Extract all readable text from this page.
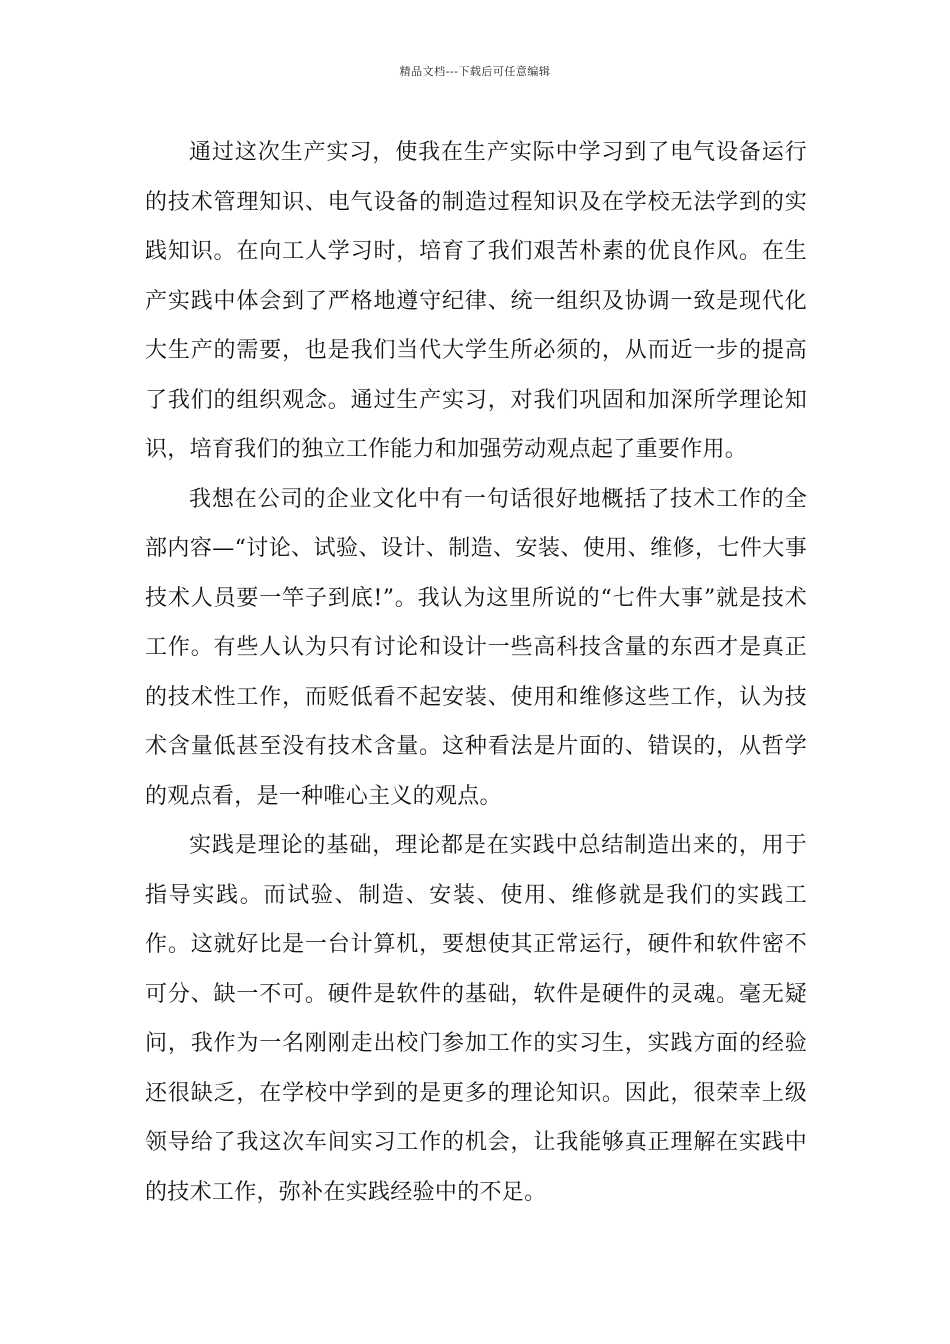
精品文档---下载后可任意编辑

通过这次生产实习，使我在生产实际中学习到了电气设备运行的技术管理知识、电气设备的制造过程知识及在学校无法学到的实践知识。在向工人学习时，培育了我们艰苦朴素的优良作风。在生产实践中体会到了严格地遵守纪律、统一组织及协调一致是现代化大生产的需要，也是我们当代大学生所必须的，从而近一步的提高了我们的组织观念。通过生产实习，对我们巩固和加深所学理论知识，培育我们的独立工作能力和加强劳动观点起了重要作用。

我想在公司的企业文化中有一句话很好地概括了技术工作的全部内容—“讨论、试验、设计、制造、安装、使用、维修，七件大事技术人员要一竿子到底!”。我认为这里所说的“七件大事”就是技术工作。有些人认为只有讨论和设计一些高科技含量的东西才是真正的技术性工作，而贬低看不起安装、使用和维修这些工作，认为技术含量低甚至没有技术含量。这种看法是片面的、错误的，从哲学的观点看，是一种唯心主义的观点。

实践是理论的基础，理论都是在实践中总结制造出来的，用于指导实践。而试验、制造、安装、使用、维修就是我们的实践工作。这就好比是一台计算机，要想使其正常运行，硬件和软件密不可分、缺一不可。硬件是软件的基础，软件是硬件的灵魂。毫无疑问，我作为一名刚刚走出校门参加工作的实习生，实践方面的经验还很缺乏，在学校中学到的是更多的理论知识。因此，很荣幸上级领导给了我这次车间实习工作的机会，让我能够真正理解在实践中的技术工作，弥补在实践经验中的不足。
